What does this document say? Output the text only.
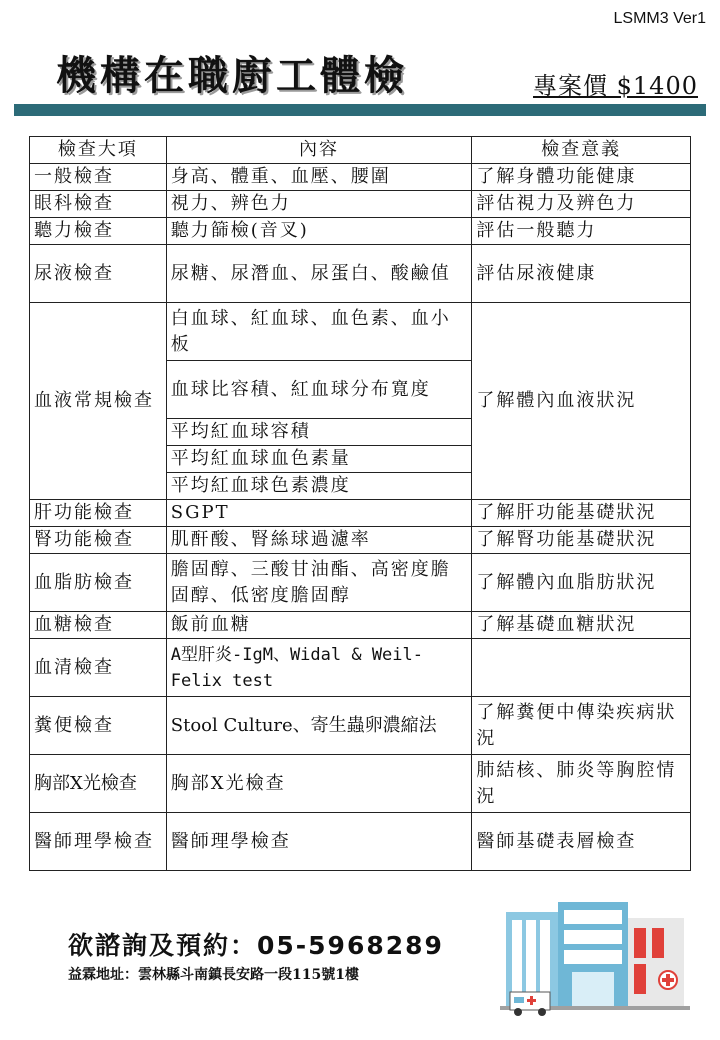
LSMM3 Ver1
機構在職廚工體檢	專案價 $1400
檢查大項	內容	檢查意義
一般檢查	身高、體重、血壓、腰圍	了解身體功能健康
眼科檢查	視力、辨色力	評估視力及辨色力
聽力檢查	聽力篩檢(音叉)	評估一般聽力
尿液檢查	尿糖、尿潛血、尿蛋白、酸鹼值	評估尿液健康
血液常規檢查	白血球、紅血球、血色素、血小板	了解體內血液狀況
	血球比容積、紅血球分布寬度	
	平均紅血球容積	
	平均紅血球血色素量	
	平均紅血球色素濃度	
肝功能檢查	SGPT	了解肝功能基礎狀況
腎功能檢查	肌酐酸、腎絲球過濾率	了解腎功能基礎狀況
血脂肪檢查	膽固醇、三酸甘油酯、高密度膽固醇、低密度膽固醇	了解體內血脂肪狀況
血糖檢查	飯前血糖	了解基礎血糖狀況
血清檢查	A型肝炎-IgM、Widal & Weil-Felix test	
糞便檢查	Stool Culture、寄生蟲卵濃縮法	了解糞便中傳染疾病狀況
胸部X光檢查	胸部X光檢查	肺結核、肺炎等胸腔情況
醫師理學檢查	醫師理學檢查	醫師基礎表層檢查
欲諮詢及預約：05-5968289
益霖地址：雲林縣斗南鎮長安路一段115號1樓
